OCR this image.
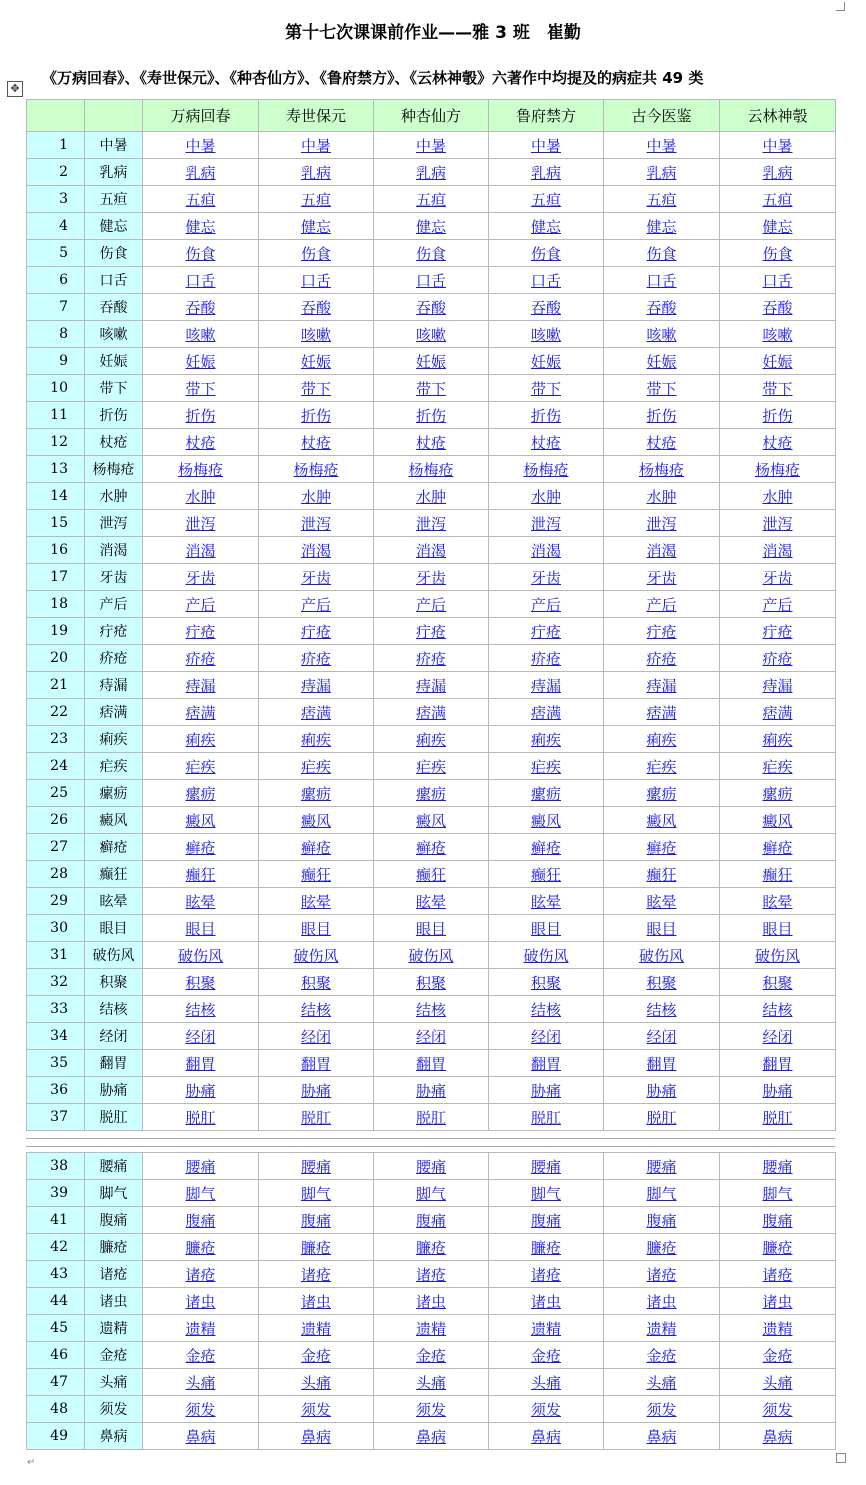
第十七次课课前作业——雅 3 班　崔勤
《万病回春》、《寿世保元》、《种杏仙方》、《鲁府禁方》、《云林神彀》六著作中均提及的病症共 49 类
✥
		万病回春	寿世保元	种杏仙方	鲁府禁方	古今医鉴	云林神彀
1	中暑	中暑	中暑	中暑	中暑	中暑	中暑
2	乳病	乳病	乳病	乳病	乳病	乳病	乳病
3	五疸	五疸	五疸	五疸	五疸	五疸	五疸
4	健忘	健忘	健忘	健忘	健忘	健忘	健忘
5	伤食	伤食	伤食	伤食	伤食	伤食	伤食
6	口舌	口舌	口舌	口舌	口舌	口舌	口舌
7	吞酸	吞酸	吞酸	吞酸	吞酸	吞酸	吞酸
8	咳嗽	咳嗽	咳嗽	咳嗽	咳嗽	咳嗽	咳嗽
9	妊娠	妊娠	妊娠	妊娠	妊娠	妊娠	妊娠
10	带下	带下	带下	带下	带下	带下	带下
11	折伤	折伤	折伤	折伤	折伤	折伤	折伤
12	杖疮	杖疮	杖疮	杖疮	杖疮	杖疮	杖疮
13	杨梅疮	杨梅疮	杨梅疮	杨梅疮	杨梅疮	杨梅疮	杨梅疮
14	水肿	水肿	水肿	水肿	水肿	水肿	水肿
15	泄泻	泄泻	泄泻	泄泻	泄泻	泄泻	泄泻
16	消渴	消渴	消渴	消渴	消渴	消渴	消渴
17	牙齿	牙齿	牙齿	牙齿	牙齿	牙齿	牙齿
18	产后	产后	产后	产后	产后	产后	产后
19	疔疮	疔疮	疔疮	疔疮	疔疮	疔疮	疔疮
20	疥疮	疥疮	疥疮	疥疮	疥疮	疥疮	疥疮
21	痔漏	痔漏	痔漏	痔漏	痔漏	痔漏	痔漏
22	痞满	痞满	痞满	痞满	痞满	痞满	痞满
23	痢疾	痢疾	痢疾	痢疾	痢疾	痢疾	痢疾
24	疟疾	疟疾	疟疾	疟疾	疟疾	疟疾	疟疾
25	瘰疬	瘰疬	瘰疬	瘰疬	瘰疬	瘰疬	瘰疬
26	癜风	癜风	癜风	癜风	癜风	癜风	癜风
27	癣疮	癣疮	癣疮	癣疮	癣疮	癣疮	癣疮
28	癫狂	癫狂	癫狂	癫狂	癫狂	癫狂	癫狂
29	眩晕	眩晕	眩晕	眩晕	眩晕	眩晕	眩晕
30	眼目	眼目	眼目	眼目	眼目	眼目	眼目
31	破伤风	破伤风	破伤风	破伤风	破伤风	破伤风	破伤风
32	积聚	积聚	积聚	积聚	积聚	积聚	积聚
33	结核	结核	结核	结核	结核	结核	结核
34	经闭	经闭	经闭	经闭	经闭	经闭	经闭
35	翻胃	翻胃	翻胃	翻胃	翻胃	翻胃	翻胃
36	胁痛	胁痛	胁痛	胁痛	胁痛	胁痛	胁痛
37	脱肛	脱肛	脱肛	脱肛	脱肛	脱肛	脱肛
38	腰痛	腰痛	腰痛	腰痛	腰痛	腰痛	腰痛
39	脚气	脚气	脚气	脚气	脚气	脚气	脚气
41	腹痛	腹痛	腹痛	腹痛	腹痛	腹痛	腹痛
42	臁疮	臁疮	臁疮	臁疮	臁疮	臁疮	臁疮
43	诸疮	诸疮	诸疮	诸疮	诸疮	诸疮	诸疮
44	诸虫	诸虫	诸虫	诸虫	诸虫	诸虫	诸虫
45	遗精	遗精	遗精	遗精	遗精	遗精	遗精
46	金疮	金疮	金疮	金疮	金疮	金疮	金疮
47	头痛	头痛	头痛	头痛	头痛	头痛	头痛
48	须发	须发	须发	须发	须发	须发	须发
49	鼻病	鼻病	鼻病	鼻病	鼻病	鼻病	鼻病
↵
